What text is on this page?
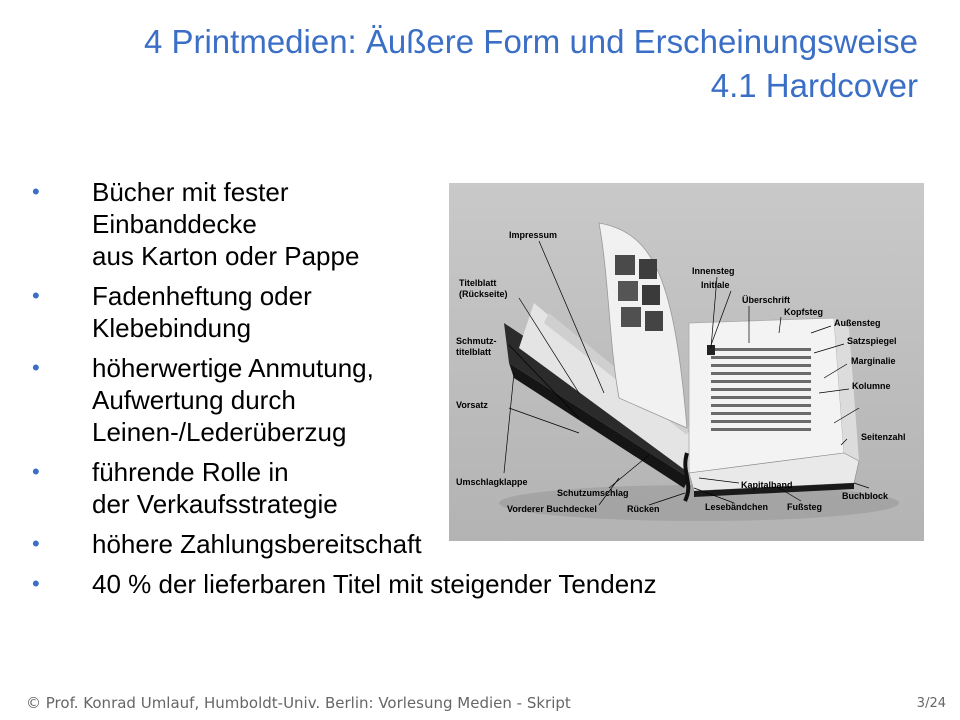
4 Printmedien: Äußere Form und Erscheinungsweise
4.1 Hardcover
• Bücher mit fester
Einbanddecke
aus Karton oder Pappe
• Fadenheftung oder
Klebebindung
• höherwertige Anmutung,
Aufwertung durch
Leinen-/Lederüberzug
• führende Rolle in
der Verkaufsstrategie
• höhere Zahlungsbereitschaft
• 40 % der lieferbaren Titel mit steigender Tendenz
Impressum
Titelblatt
(Rückseite)
Innensteg
Initiale
Überschrift
Kopfsteg
Außensteg
Schmutz-
titelblatt
Satzspiegel
Marginalie
Vorsatz
Kolumne
Seitenzahl
Umschlagklappe	Kapitalband
Schutzumschlag	Buchblock
Vorderer Buchdeckel	Rücken	Lesebändchen Fußsteg
© Prof. Konrad Umlauf, Humboldt-Univ. Berlin: Vorlesung Medien - Skript	3/24
